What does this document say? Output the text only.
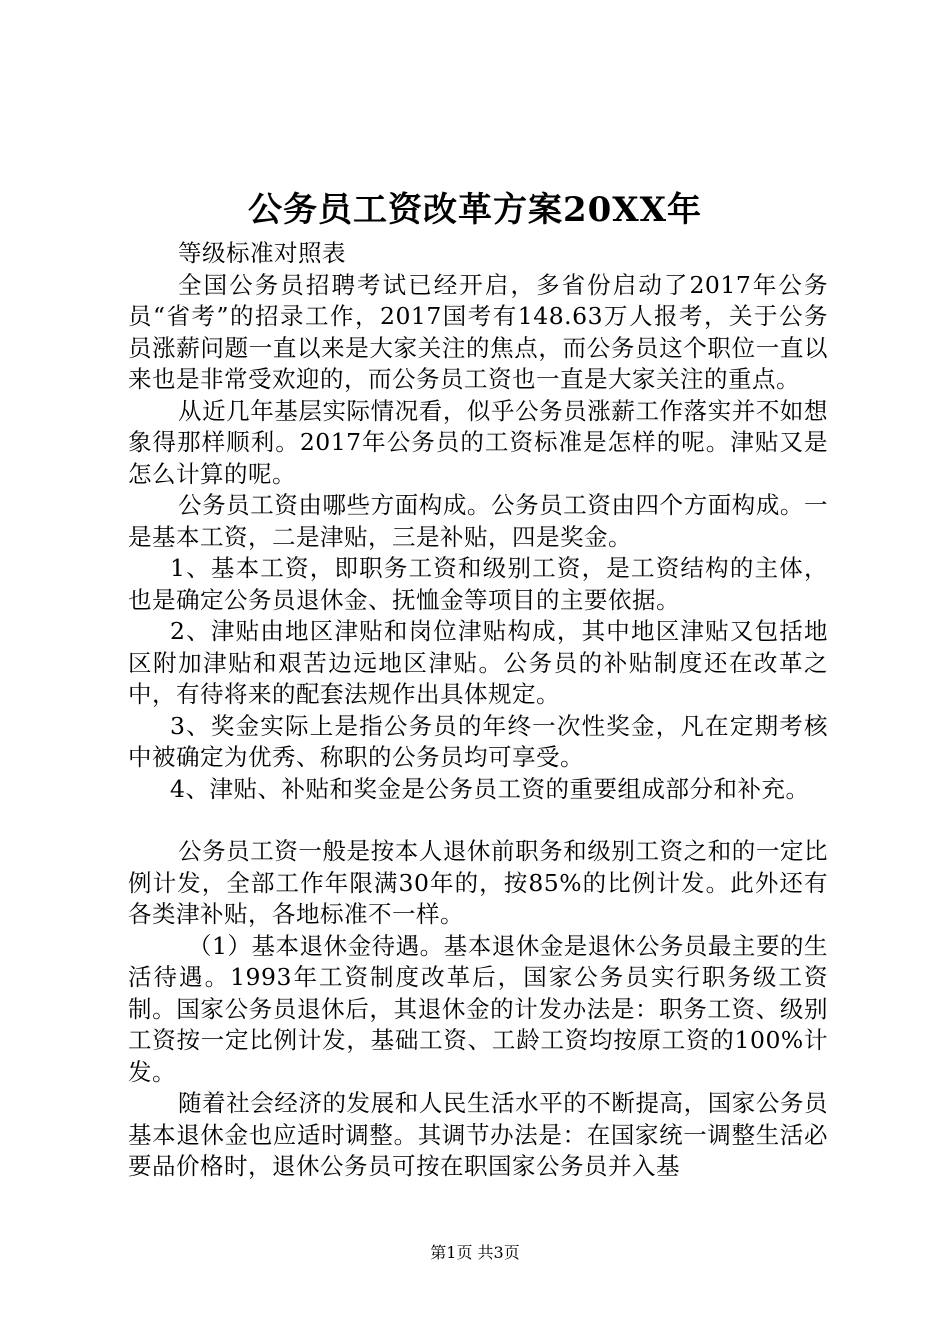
公务员工资改革方案20XX年

等级标准对照表

全国公务员招聘考试已经开启，多省份启动了2017年公务员“省考”的招录工作，2017国考有148.63万人报考，关于公务员涨薪问题一直以来是大家关注的焦点，而公务员这个职位一直以来也是非常受欢迎的，而公务员工资也一直是大家关注的重点。

从近几年基层实际情况看，似乎公务员涨薪工作落实并不如想象得那样顺利。2017年公务员的工资标准是怎样的呢。津贴又是怎么计算的呢。

公务员工资由哪些方面构成。公务员工资由四个方面构成。一是基本工资，二是津贴，三是补贴，四是奖金。

1、基本工资，即职务工资和级别工资，是工资结构的主体，也是确定公务员退休金、抚恤金等项目的主要依据。

2、津贴由地区津贴和岗位津贴构成，其中地区津贴又包括地区附加津贴和艰苦边远地区津贴。公务员的补贴制度还在改革之中，有待将来的配套法规作出具体规定。

3、奖金实际上是指公务员的年终一次性奖金，凡在定期考核中被确定为优秀、称职的公务员均可享受。

4、津贴、补贴和奖金是公务员工资的重要组成部分和补充。

公务员工资一般是按本人退休前职务和级别工资之和的一定比例计发，全部工作年限满30年的，按85%的比例计发。此外还有各类津补贴，各地标准不一样。

（1）基本退休金待遇。基本退休金是退休公务员最主要的生活待遇。1993年工资制度改革后，国家公务员实行职务级工资制。国家公务员退休后，其退休金的计发办法是：职务工资、级别工资按一定比例计发，基础工资、工龄工资均按原工资的100%计发。

随着社会经济的发展和人民生活水平的不断提高，国家公务员基本退休金也应适时调整。其调节办法是：在国家统一调整生活必要品价格时，退休公务员可按在职国家公务员并入基

第1页 共3页
